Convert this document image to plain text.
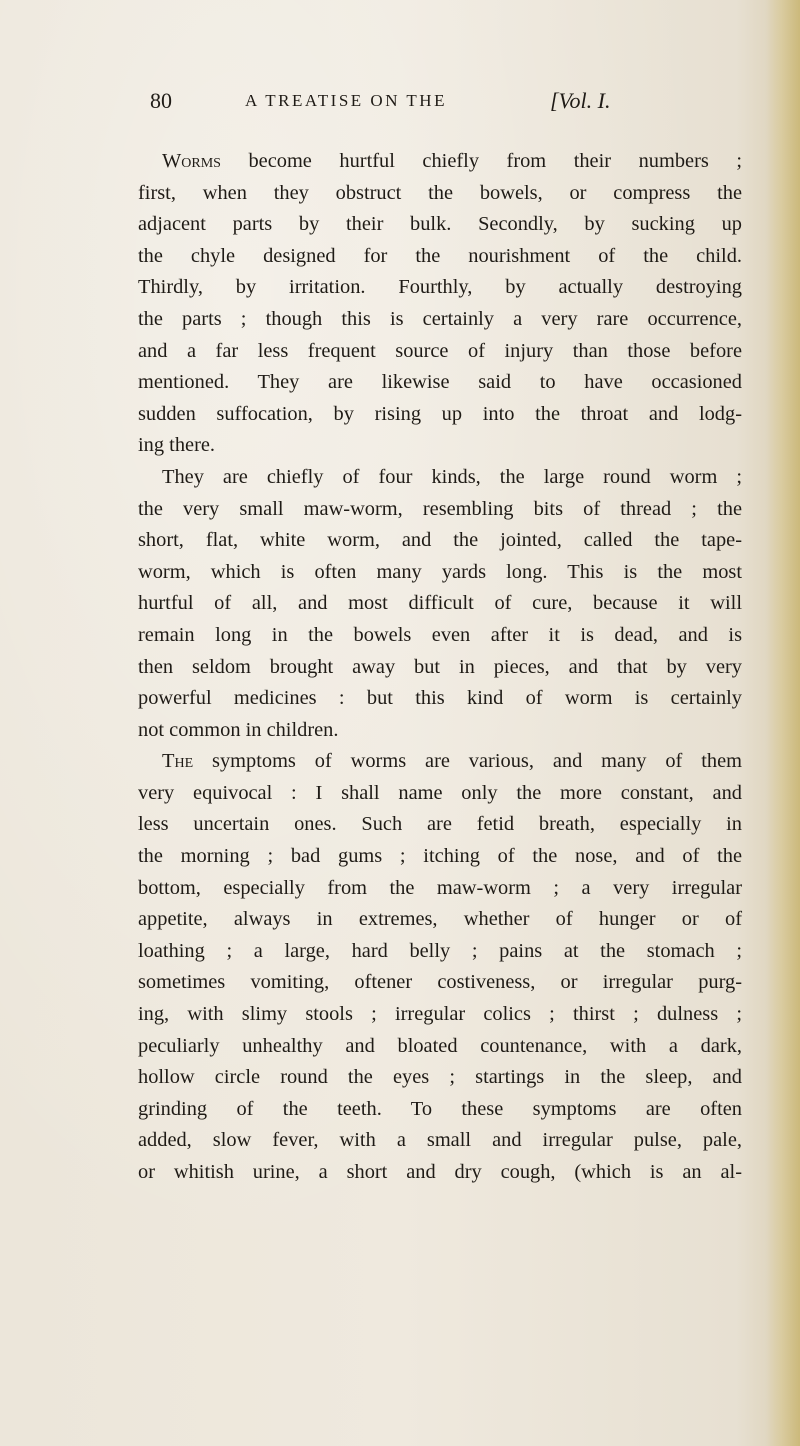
80	A TREATISE ON THE	[Vol. I.
Worms become hurtful chiefly from their numbers ;
first, when they obstruct the bowels, or compress the
adjacent parts by their bulk. Secondly, by sucking up
the chyle designed for the nourishment of the child.
Thirdly, by irritation. Fourthly, by actually destroying
the parts ; though this is certainly a very rare occurrence,
and a far less frequent source of injury than those before
mentioned. They are likewise said to have occasioned
sudden suffocation, by rising up into the throat and lodg-
ing there.
They are chiefly of four kinds, the large round worm ;
the very small maw-worm, resembling bits of thread ; the
short, flat, white worm, and the jointed, called the tape-
worm, which is often many yards long. This is the most
hurtful of all, and most difficult of cure, because it will
remain long in the bowels even after it is dead, and is
then seldom brought away but in pieces, and that by very
powerful medicines : but this kind of worm is certainly
not common in children.
The symptoms of worms are various, and many of them
very equivocal : I shall name only the more constant, and
less uncertain ones. Such are fetid breath, especially in
the morning ; bad gums ; itching of the nose, and of the
bottom, especially from the maw-worm ; a very irregular
appetite, always in extremes, whether of hunger or of
loathing ; a large, hard belly ; pains at the stomach ;
sometimes vomiting, oftener costiveness, or irregular purg-
ing, with slimy stools ; irregular colics ; thirst ; dulness ;
peculiarly unhealthy and bloated countenance, with a dark,
hollow circle round the eyes ; startings in the sleep, and
grinding of the teeth. To these symptoms are often
added, slow fever, with a small and irregular pulse, pale,
or whitish urine, a short and dry cough, (which is an al-
